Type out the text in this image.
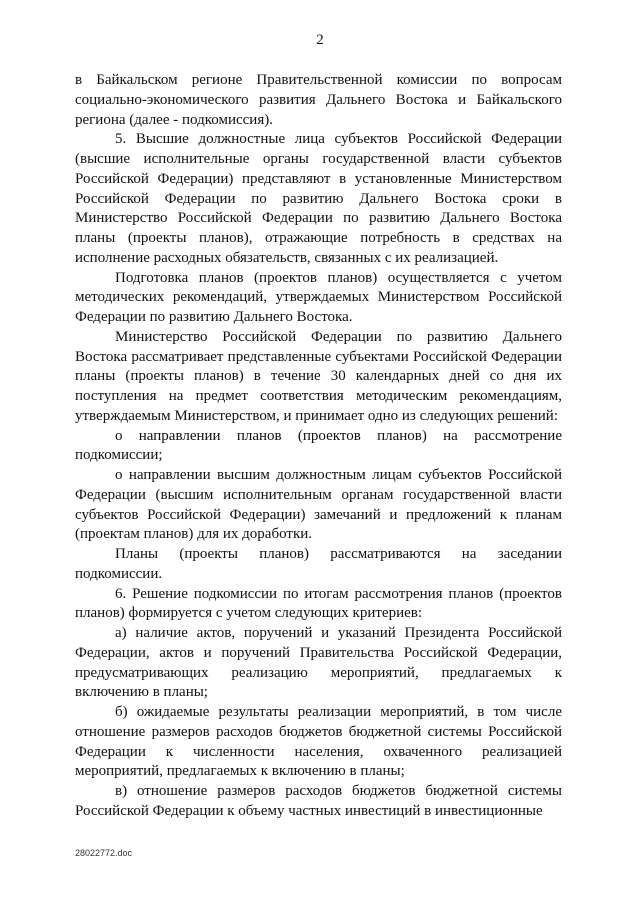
2

в Байкальском регионе Правительственной комиссии по вопросам социально-экономического развития Дальнего Востока и Байкальского региона (далее - подкомиссия).

5. Высшие должностные лица субъектов Российской Федерации (высшие исполнительные органы государственной власти субъектов Российской Федерации) представляют в установленные Министерством Российской Федерации по развитию Дальнего Востока сроки в Министерство Российской Федерации по развитию Дальнего Востока планы (проекты планов), отражающие потребность в средствах на исполнение расходных обязательств, связанных с их реализацией.

Подготовка планов (проектов планов) осуществляется с учетом методических рекомендаций, утверждаемых Министерством Российской Федерации по развитию Дальнего Востока.

Министерство Российской Федерации по развитию Дальнего Востока рассматривает представленные субъектами Российской Федерации планы (проекты планов) в течение 30 календарных дней со дня их поступления на предмет соответствия методическим рекомендациям, утверждаемым Министерством, и принимает одно из следующих решений:

о направлении планов (проектов планов) на рассмотрение подкомиссии;

о направлении высшим должностным лицам субъектов Российской Федерации (высшим исполнительным органам государственной власти субъектов Российской Федерации) замечаний и предложений к планам (проектам планов) для их доработки.

Планы (проекты планов) рассматриваются на заседании подкомиссии.

6. Решение подкомиссии по итогам рассмотрения планов (проектов планов) формируется с учетом следующих критериев:

а) наличие актов, поручений и указаний Президента Российской Федерации, актов и поручений Правительства Российской Федерации, предусматривающих реализацию мероприятий, предлагаемых к включению в планы;

б) ожидаемые результаты реализации мероприятий, в том числе отношение размеров расходов бюджетов бюджетной системы Российской Федерации к численности населения, охваченного реализацией мероприятий, предлагаемых к включению в планы;

в) отношение размеров расходов бюджетов бюджетной системы Российской Федерации к объему частных инвестиций в инвестиционные

28022772.doc
